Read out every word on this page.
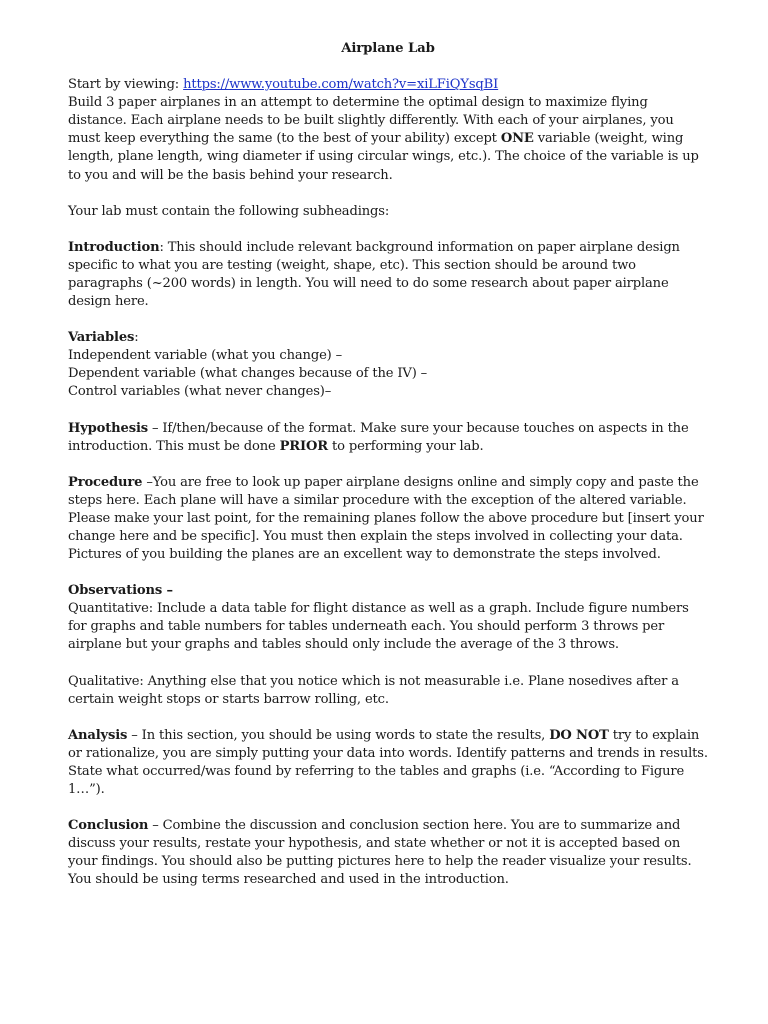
Airplane Lab

Start by viewing: https://www.youtube.com/watch?v=xiLFiQYsqBI

Build 3 paper airplanes in an attempt to determine the optimal design to maximize flying distance. Each airplane needs to be built slightly differently. With each of your airplanes, you must keep everything the same (to the best of your ability) except ONE variable (weight, wing length, plane length, wing diameter if using circular wings, etc.). The choice of the variable is up to you and will be the basis behind your research.

Your lab must contain the following subheadings:

Introduction: This should include relevant background information on paper airplane design specific to what you are testing (weight, shape, etc). This section should be around two paragraphs (~200 words) in length. You will need to do some research about paper airplane design here.

Variables:

Independent variable (what you change) –

Dependent variable (what changes because of the IV) –

Control variables (what never changes)–

Hypothesis – If/then/because of the format. Make sure your because touches on aspects in the introduction. This must be done PRIOR to performing your lab.

Procedure –You are free to look up paper airplane designs online and simply copy and paste the steps here. Each plane will have a similar procedure with the exception of the altered variable. Please make your last point, for the remaining planes follow the above procedure but [insert your change here and be specific]. You must then explain the steps involved in collecting your data. Pictures of you building the planes are an excellent way to demonstrate the steps involved.

Observations –

Quantitative: Include a data table for flight distance as well as a graph. Include figure numbers for graphs and table numbers for tables underneath each. You should perform 3 throws per airplane but your graphs and tables should only include the average of the 3 throws.

Qualitative: Anything else that you notice which is not measurable i.e. Plane nosedives after a certain weight stops or starts barrow rolling, etc.

Analysis – In this section, you should be using words to state the results, DO NOT try to explain or rationalize, you are simply putting your data into words. Identify patterns and trends in results. State what occurred/was found by referring to the tables and graphs (i.e. “According to Figure 1…”).

Conclusion – Combine the discussion and conclusion section here. You are to summarize and discuss your results, restate your hypothesis, and state whether or not it is accepted based on your findings. You should also be putting pictures here to help the reader visualize your results. You should be using terms researched and used in the introduction.
